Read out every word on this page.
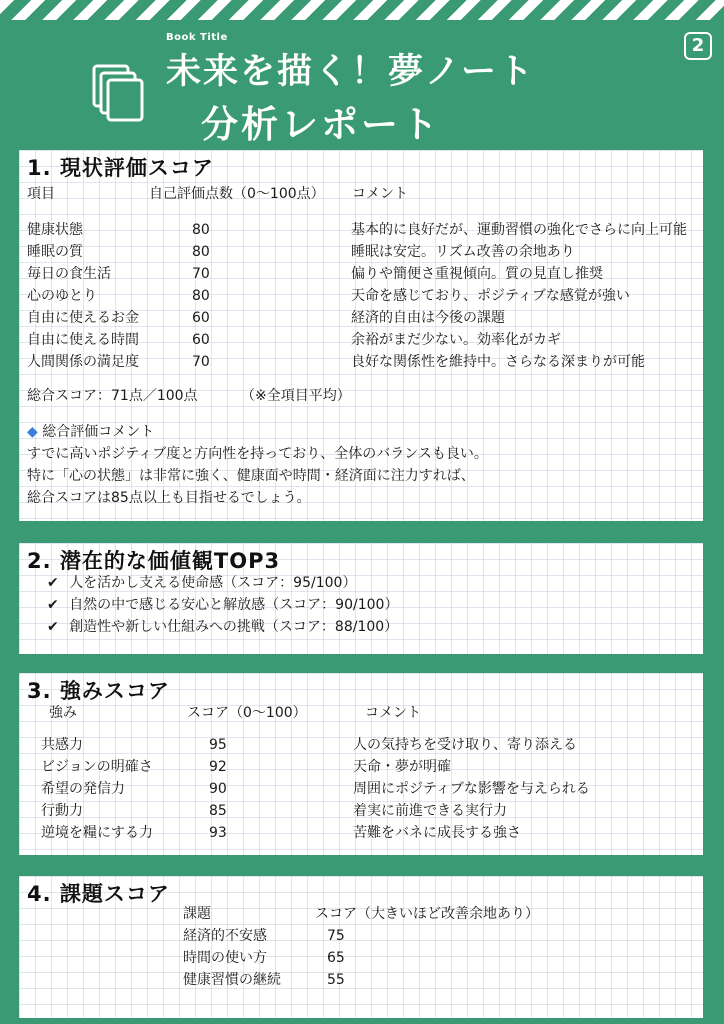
Book Title
未来を描く！夢ノート
分析レポート
2
1. 現状評価スコア
項目	自己評価点数（0〜100点） コメント
健康状態	80	基本的に良好だが、運動習慣の強化でさらに向上可能
睡眠の質	80	睡眠は安定。リズム改善の余地あり
毎日の食生活	70	偏りや簡便さ重視傾向。質の見直し推奨
心のゆとり	80	天命を感じており、ポジティブな感覚が強い
自由に使えるお金	60	経済的自由は今後の課題
自由に使える時間	60	余裕がまだ少ない。効率化がカギ
人間関係の満足度	70	良好な関係性を維持中。さらなる深まりが可能
総合スコア：71点／100点	（※全項目平均）
◆ 総合評価コメント
すでに高いポジティブ度と方向性を持っており、全体のバランスも良い。
特に「心の状態」は非常に強く、健康面や時間・経済面に注力すれば、
総合スコアは85点以上も目指せるでしょう。
2. 潜在的な価値観TOP3
✔ 人を活かし支える使命感（スコア：95/100）
✔ 自然の中で感じる安心と解放感（スコア：90/100）
✔ 創造性や新しい仕組みへの挑戦（スコア：88/100）
3. 強みスコア
強み	スコア（0〜100）	コメント
共感力	95	人の気持ちを受け取り、寄り添える
ビジョンの明確さ	92	天命・夢が明確
希望の発信力	90	周囲にポジティブな影響を与えられる
行動力	85	着実に前進できる実行力
逆境を糧にする力	93	苦難をバネに成長する強さ
4. 課題スコア
課題	スコア（大きいほど改善余地あり）
経済的不安感	75
時間の使い方	65
健康習慣の継続	55
